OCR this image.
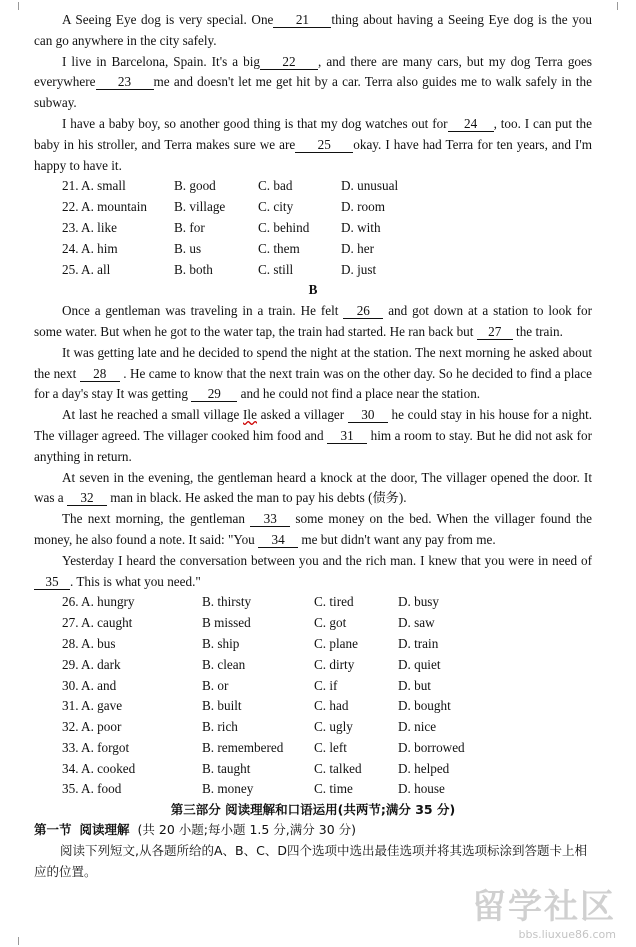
A Seeing Eye dog is very special. One 21 thing about having a Seeing Eye dog is the you can go anywhere in the city safely.

I live in Barcelona, Spain. It's a big 22 , and there are many cars, but my dog Terra goes everywhere 23 me and doesn't let me get hit by a car. Terra also guides me to walk safely in the subway.

I have a baby boy, so another good thing is that my dog watches out for 24 , too. I can put the baby in his stroller, and Terra makes sure we are 25 okay. I have had Terra for ten years, and I'm happy to have it.

21. A. small	B. good	C. bad	D. unusual
22. A. mountain B. village C. city	D. room
23. A. like	B. for	C. behind D. with
24. A. him	B. us	C. them	D. her
25. A. all	B. both	C. still	D. just
B

Once a gentleman was traveling in a train. He felt 26 and got down at a station to look for some water. But when he got to the water tap, the train had started. He ran back but 27 the train.

It was getting late and he decided to spend the night at the station. The next morning he asked about the next 28 . He came to know that the next train was on the other day. So he decided to find a place for a day's stay It was getting 29 and he could not find a place near the station.

At last he reached a small village Ile asked a villager 30 he could stay in his house for a night. The villager agreed. The villager cooked him food and 31 him a room to stay. But he did not ask for anything in return.

At seven in the evening, the gentleman heard a knock at the door, The villager opened the door. It was a 32 man in black. He asked the man to pay his debts (债务).

The next morning, the gentleman 33 some money on the bed. When the villager found the money, he also found a note. It said: "You 34 me but didn't want any pay from me.

Yesterday I heard the conversation between you and the rich man. I knew that you were in need of 35 . This is what you need."

26. A. hungry	B. thirsty	C. tired	D. busy
27. A. caught	B missed	C. got	D. saw
28. A. bus	B. ship	C. plane	D. train
29. A. dark	B. clean	C. dirty	D. quiet
30. A. and	B. or	C. if	D. but
31. A. gave	B. built	C. had	D. bought
32. A. poor	B. rich	C. ugly	D. nice
33. A. forgot	B. remembered C. left	D. borrowed
34. A. cooked	B. taught	C. talked	D. helped
35. A. food	B. money	C. time	D. house
第三部分 阅读理解和口语运用(共两节;满分 35 分)
第一节 阅读理解 (共 20 小题;每小题 1.5 分,满分 30 分)

阅读下列短文,从各题所给的A、B、C、D四个选项中选出最佳选项并将其选项标涂到答题卡上相应的位置。

留学社区
bbs.liuxue86.com
